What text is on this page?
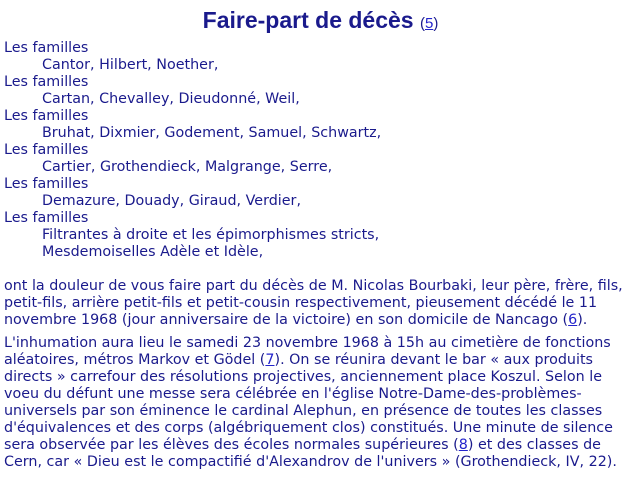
Faire-part de décès (5)
Les familles
Cantor, Hilbert, Noether,
Les familles
Cartan, Chevalley, Dieudonné, Weil,
Les familles
Bruhat, Dixmier, Godement, Samuel, Schwartz,
Les familles
Cartier, Grothendieck, Malgrange, Serre,
Les familles
Demazure, Douady, Giraud, Verdier,
Les familles
Filtrantes à droite et les épimorphismes stricts,
Mesdemoiselles Adèle et Idèle,

ont la douleur de vous faire part du décès de M. Nicolas Bourbaki, leur père, frère, fils, petit-fils, arrière petit-fils et petit-cousin respectivement, pieusement décédé le 11 novembre 1968 (jour anniversaire de la victoire) en son domicile de Nancago (6).

L'inhumation aura lieu le samedi 23 novembre 1968 à 15h au cimetière de fonctions aléatoires, métros Markov et Gödel (7). On se réunira devant le bar « aux produits directs » carrefour des résolutions projectives, anciennement place Koszul. Selon le voeu du défunt une messe sera célébrée en l'église Notre-Dame-des-problèmes-universels par son éminence le cardinal Alephun, en présence de toutes les classes d'équivalences et des corps (algébriquement clos) constitués. Une minute de silence sera observée par les élèves des écoles normales supérieures (8) et des classes de Cern, car « Dieu est le compactifié d'Alexandrov de l'univers » (Grothendieck, IV, 22).
